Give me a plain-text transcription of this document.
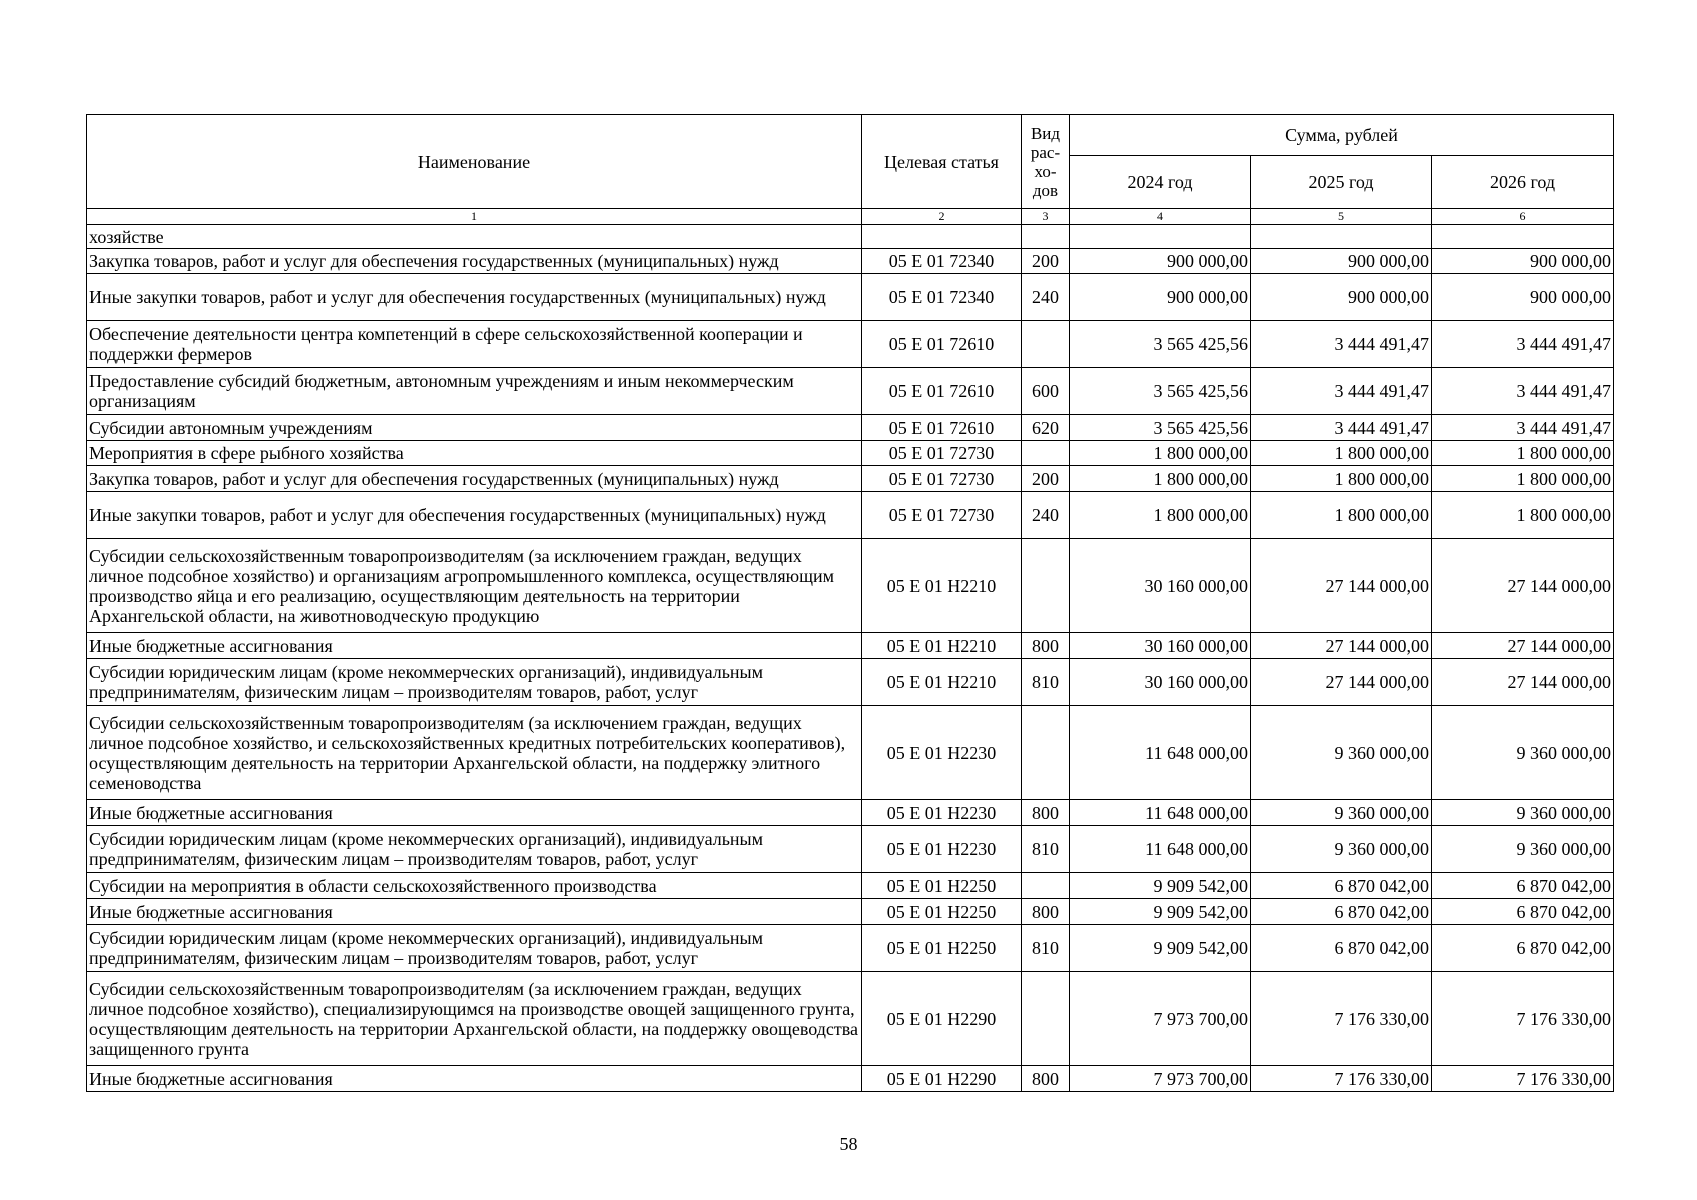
Наименование	Целевая статья	Вид рас- хо- дов	Сумма, рублей		
			2024 год	2025 год	2026 год
1	2	3	4	5	6
хозяйстве					
Закупка товаров, работ и услуг для обеспечения государственных (муниципальных) нужд	05 E 01 72340	200	900 000,00	900 000,00	900 000,00
Иные закупки товаров, работ и услуг для обеспечения государственных (муниципальных) нужд	05 E 01 72340	240	900 000,00	900 000,00	900 000,00
Обеспечение деятельности центра компетенций в сфере сельскохозяйственной кооперации и поддержки фермеров	05 E 01 72610		3 565 425,56	3 444 491,47	3 444 491,47
Предоставление субсидий бюджетным, автономным учреждениям и иным некоммерческим организациям	05 E 01 72610	600	3 565 425,56	3 444 491,47	3 444 491,47
Субсидии автономным учреждениям	05 E 01 72610	620	3 565 425,56	3 444 491,47	3 444 491,47
Мероприятия в сфере рыбного хозяйства	05 E 01 72730		1 800 000,00	1 800 000,00	1 800 000,00
Закупка товаров, работ и услуг для обеспечения государственных (муниципальных) нужд	05 E 01 72730	200	1 800 000,00	1 800 000,00	1 800 000,00
Иные закупки товаров, работ и услуг для обеспечения государственных (муниципальных) нужд	05 E 01 72730	240	1 800 000,00	1 800 000,00	1 800 000,00
Субсидии сельскохозяйственным товаропроизводителям (за исключением граждан, ведущих личное подсобное хозяйство) и организациям агропромышленного комплекса, осуществляющим производство яйца и его реализацию, осуществляющим деятельность на территории Архангельской области, на животноводческую продукцию	05 E 01 H2210		30 160 000,00	27 144 000,00	27 144 000,00
Иные бюджетные ассигнования	05 E 01 H2210	800	30 160 000,00	27 144 000,00	27 144 000,00
Субсидии юридическим лицам (кроме некоммерческих организаций), индивидуальным предпринимателям, физическим лицам – производителям товаров, работ, услуг	05 E 01 H2210	810	30 160 000,00	27 144 000,00	27 144 000,00
Субсидии сельскохозяйственным товаропроизводителям (за исключением граждан, ведущих личное подсобное хозяйство, и сельскохозяйственных кредитных потребительских кооперативов), осуществляющим деятельность на территории Архангельской области, на поддержку элитного семеноводства	05 E 01 H2230		11 648 000,00	9 360 000,00	9 360 000,00
Иные бюджетные ассигнования	05 E 01 H2230	800	11 648 000,00	9 360 000,00	9 360 000,00
Субсидии юридическим лицам (кроме некоммерческих организаций), индивидуальным предпринимателям, физическим лицам – производителям товаров, работ, услуг	05 E 01 H2230	810	11 648 000,00	9 360 000,00	9 360 000,00
Субсидии на мероприятия в области сельскохозяйственного производства	05 E 01 H2250		9 909 542,00	6 870 042,00	6 870 042,00
Иные бюджетные ассигнования	05 E 01 H2250	800	9 909 542,00	6 870 042,00	6 870 042,00
Субсидии юридическим лицам (кроме некоммерческих организаций), индивидуальным предпринимателям, физическим лицам – производителям товаров, работ, услуг	05 E 01 H2250	810	9 909 542,00	6 870 042,00	6 870 042,00
Субсидии сельскохозяйственным товаропроизводителям (за исключением граждан, ведущих личное подсобное хозяйство), специализирующимся на производстве овощей защищенного грунта, осуществляющим деятельность на территории Архангельской области, на поддержку овощеводства защищенного грунта	05 E 01 H2290		7 973 700,00	7 176 330,00	7 176 330,00
Иные бюджетные ассигнования	05 E 01 H2290	800	7 973 700,00	7 176 330,00	7 176 330,00
58
